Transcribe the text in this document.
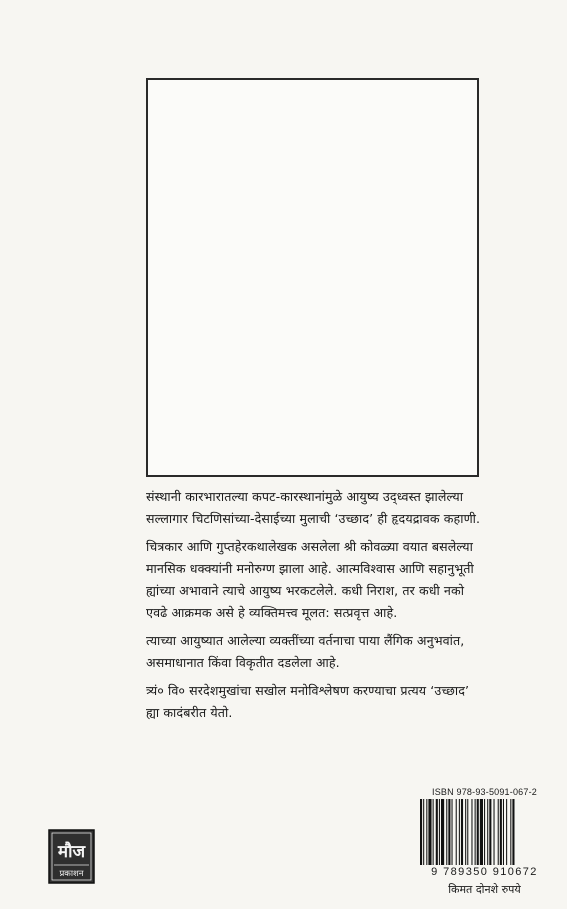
संस्थानी कारभारातल्या कपट-कारस्थानांमुळे आयुष्य उद्ध्वस्त झालेल्या सल्लागार चिटणिसांच्या-देसाईच्या मुलाची ‘उच्छाद’ ही हृदयद्रावक कहाणी.

चित्रकार आणि गुप्तहेरकथालेखक असलेला श्री कोवळ्या वयात बसलेल्या मानसिक धक्क्यांनी मनोरुग्ण झाला आहे. आत्मविश्वास आणि सहानुभूती ह्यांच्या अभावाने त्याचे आयुष्य भरकटलेले. कधी निराश, तर कधी नको एवढे आक्रमक असे हे व्यक्तिमत्त्व मूलत: सत्प्रवृत्त आहे.

त्याच्या आयुष्यात आलेल्या व्यक्तींच्या वर्तनाचा पाया लैंगिक अनुभवांत, असमाधानात किंवा विकृतीत दडलेला आहे.

त्र्यं० वि० सरदेशमुखांचा सखोल मनोविश्लेषण करण्याचा प्रत्यय ‘उच्छाद’ ह्या कादंबरीत येतो.

ISBN 978-93-5091-067-2
9 789350 910672
किमत दोनशे रुपये
मौज
प्रकाशन
